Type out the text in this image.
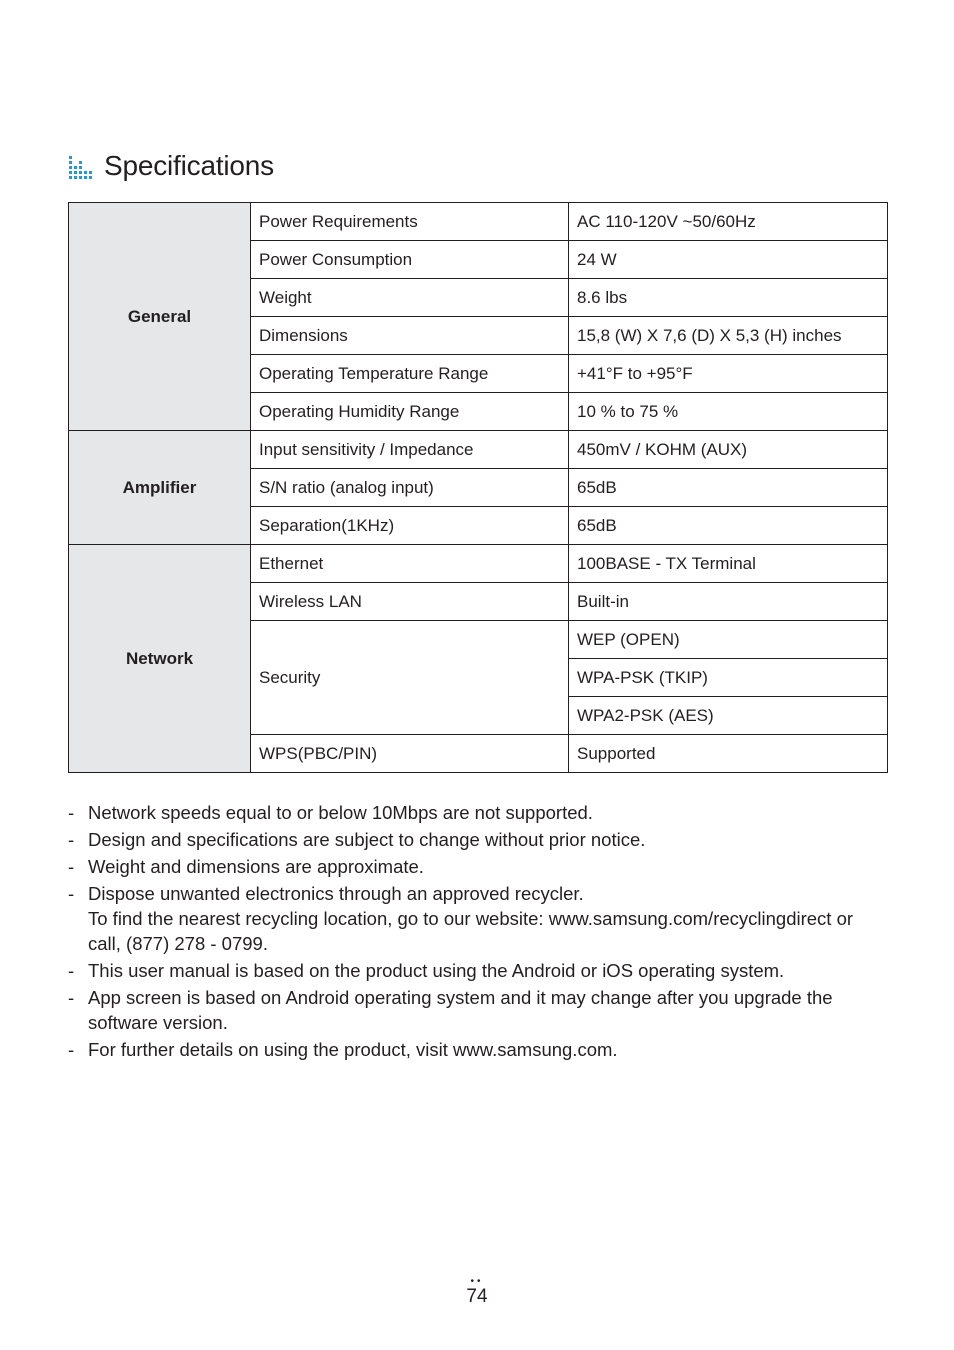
Specifications
General	Power Requirements	AC 110-120V ~50/60Hz
	Power Consumption	24 W
	Weight	8.6 lbs
	Dimensions	15,8 (W) X 7,6 (D) X 5,3 (H) inches
	Operating Temperature Range	+41°F to +95°F
	Operating Humidity Range	10 % to 75 %
Amplifier	Input sensitivity / Impedance	450mV / KOHM (AUX)
	S/N ratio (analog input)	65dB
	Separation(1KHz)	65dB
Network	Ethernet	100BASE - TX Terminal
	Wireless LAN	Built-in
	Security	WEP (OPEN)
		WPA-PSK (TKIP)
		WPA2-PSK (AES)
	WPS(PBC/PIN)	Supported
- Network speeds equal to or below 10Mbps are not supported.
- Design and specifications are subject to change without prior notice.
- Weight and dimensions are approximate.
- Dispose unwanted electronics through an approved recycler.
To find the nearest recycling location, go to our website: www.samsung.com/recyclingdirect or call, (877) 278 - 0799.
- This user manual is based on the product using the Android or iOS operating system.
- App screen is based on Android operating system and it may change after you upgrade the software version.
- For further details on using the product, visit www.samsung.com.
••
74
